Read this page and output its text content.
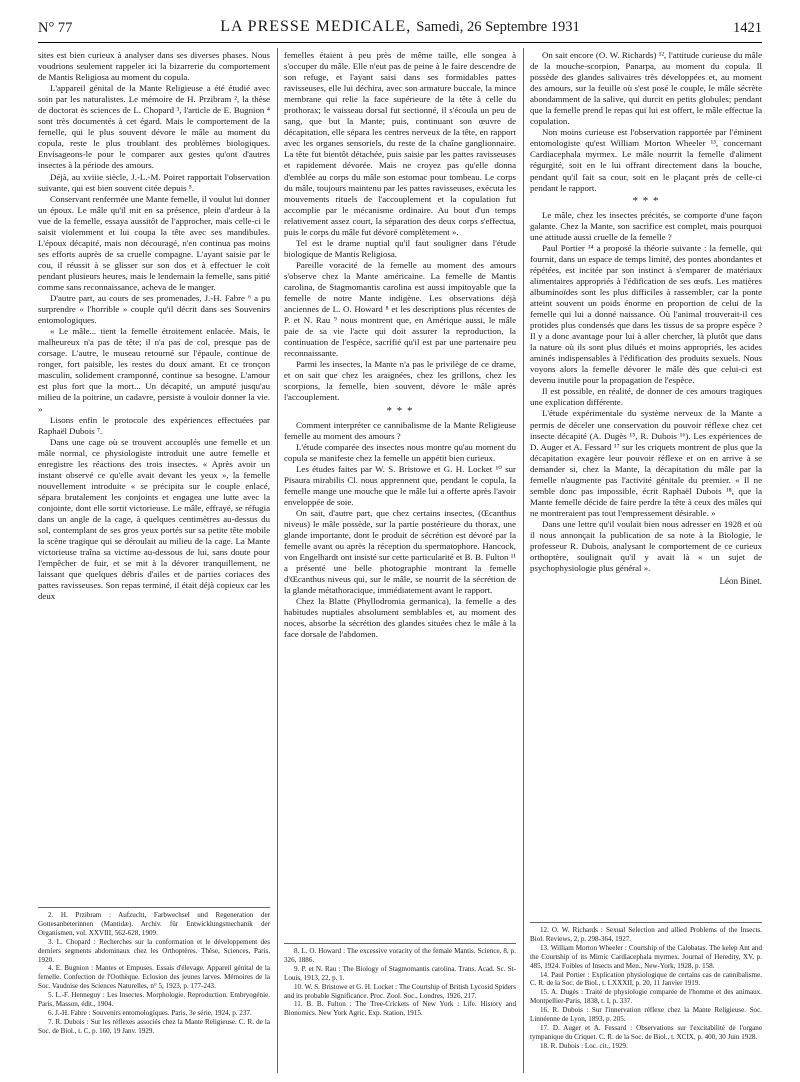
N° 77	LA PRESSE MEDICALE, Samedi, 26 Septembre 1931	1421

sites est bien curieux à analyser dans ses diverses phases. Nous voudrions seulement rappeler ici la bizarrerie du comportement de Mantis Religiosa au moment du copula.

L'appareil génital de la Mante Religieuse a été étudié avec soin par les naturalistes. Le mémoire de H. Przibram ², la thèse de doctorat ès sciences de L. Chopard ³, l'article de E. Bugnion ⁴ sont très documentés à cet égard. Mais le comportement de la femelle, qui le plus souvent dévore le mâle au moment du copula, reste le plus troublant des problèmes biologiques. Envisageons-le pour le comparer aux gestes qu'ont d'autres insectes à la période des amours.

Déjà, au xviiie siècle, J.-L.-M. Poiret rapportait l'observation suivante, qui est bien souvent citée depuis ⁵.

Conservant renfermée une Mante femelle, il voulut lui donner un époux. Le mâle qu'il mit en sa présence, plein d'ardeur à la vue de la femelle, essaya aussitôt de l'approcher, mais celle-ci le saisit violemment et lui coupa la tête avec ses mandibules. L'époux décapité, mais non découragé, n'en continua pas moins ses efforts auprès de sa cruelle compagne. L'ayant saisie par le cou, il réussit à se glisser sur son dos et à effectuer le coït pendant plusieurs heures, mais le lendemain la femelle, sans pitié comme sans reconnaissance, acheva de le manger.

D'autre part, au cours de ses promenades, J.-H. Fabre ⁶ a pu surprendre « l'horrible » couple qu'il décrit dans ses Souvenirs entomologiques.

« Le mâle... tient la femelle étroitement enlacée. Mais, le malheureux n'a pas de tête; il n'a pas de col, presque pas de corsage. L'autre, le museau retourné sur l'épaule, continue de ronger, fort paisible, les restes du doux amant. Et ce tronçon masculin, solidement cramponné, continue sa besogne. L'amour est plus fort que la mort... Un décapité, un amputé jusqu'au milieu de la poitrine, un cadavre, persiste à vouloir donner la vie. »

Lisons enfin le protocole des expériences effectuées par Raphaël Dubois ⁷.

Dans une cage où se trouvent accouplés une femelle et un mâle normal, ce physiologiste introduit une autre femelle et enregistre les réactions des trois insectes. « Après avoir un instant observé ce qu'elle avait devant les yeux », la femelle nouvellement introduite « se précipita sur le couple enlacé, sépara brutalement les conjoints et engagea une lutte avec la conjointe, dont elle sortit victorieuse. Le mâle, effrayé, se réfugia dans un angle de la cage, à quelques centimètres au-dessus du sol, contemplant de ses gros yeux portés sur sa petite tête mobile la scène tragique qui se déroulait au milieu de la cage. La Mante victorieuse traîna sa victime au-dessous de lui, sans doute pour l'empêcher de fuir, et se mit à la dévorer tranquillement, ne laissant que quelques débris d'ailes et de parties coriaces des pattes ravisseuses. Son repas terminé, il était déjà copieux car les deux

femelles étaient à peu près de même taille, elle songea à s'occuper du mâle. Elle n'eut pas de peine à le faire descendre de son refuge, et l'ayant saisi dans ses formidables pattes ravisseuses, elle lui déchira, avec son armature buccale, la mince membrane qui relie la face supérieure de la tête à celle du prothorax; le vaisseau dorsal fut sectionné, il s'écoula un peu de sang, que but la Mante; puis, continuant son œuvre de décapitation, elle sépara les centres nerveux de la tête, en rapport avec les organes sensoriels, du reste de la chaîne ganglionnaire. La tête fut bientôt détachée, puis saisie par les pattes ravisseuses et rapidement dévorée. Mais ne croyez pas qu'elle donna d'emblée au corps du mâle son estomac pour tombeau. Le corps du mâle, toujours maintenu par les pattes ravisseuses, exécuta les mouvements rituels de l'accouplement et la copulation fut accomplie par le mécanisme ordinaire. Au bout d'un temps relativement assez court, la séparation des deux corps s'effectua, puis le corps du mâle fut dévoré complètement ».

Tel est le drame nuptial qu'il faut souligner dans l'étude biologique de Mantis Religiosa.

Pareille voracité de la femelle au moment des amours s'observe chez la Mante américaine. La femelle de Mantis carolina, de Stagmomantis carolina est aussi impitoyable que la femelle de notre Mante indigène. Les observations déjà anciennes de L. O. Howard ⁸ et les descriptions plus récentes de P. et N. Rau ⁹ nous montrent que, en Amérique aussi, le mâle paie de sa vie l'acte qui doit assurer la reproduction, la continuation de l'espèce, sacrifié qu'il est par une partenaire peu reconnaissante.

Parmi les insectes, la Mante n'a pas le privilège de ce drame, et on sait que chez les araignées, chez les grillons, chez les scorpions, la femelle, bien souvent, dévore le mâle après l'accouplement.

* * *

Comment interpréter ce cannibalisme de la Mante Religieuse femelle au moment des amours ?

L'étude comparée des insectes nous montre qu'au moment du copula se manifeste chez la femelle un appétit bien curieux.

Les études faites par W. S. Bristowe et G. H. Locket ¹⁰ sur Pisaura mirabilis Cl. nous apprennent que, pendant le copula, la femelle mange une mouche que le mâle lui a offerte après l'avoir enveloppée de soie.

On sait, d'autre part, que chez certains insectes, (Œcanthus niveus) le mâle possède, sur la partie postérieure du thorax, une glande importante, dont le produit de sécrétion est dévoré par la femelle avant ou après la réception du spermatophore. Hancock, von Engelhardt ont insisté sur cette particularité et B. B. Fulton ¹¹ a présenté une belle photographie montrant la femelle d'Œcanthus niveus qui, sur le mâle, se nourrit de la sécrétion de la glande métathoracique, immédiatement avant le rapport.

Chez la Blatte (Phyllodromia germanica), la femelle a des habitudes nuptiales absolument semblables et, au moment des noces, absorbe la sécrétion des glandes situées chez le mâle à la face dorsale de l'abdomen.

On sait encore (O. W. Richards) ¹², l'attitude curieuse du mâle de la mouche-scorpion, Panarpa, au moment du copula. Il possède des glandes salivaires très développées et, au moment des amours, sur la feuille où s'est posé le couple, le mâle sécrète abondamment de la salive, qui durcit en petits globules; pendant que la femelle prend le repas qui lui est offert, le mâle effectue la copulation.

Non moins curieuse est l'observation rapportée par l'éminent entomologiste qu'est William Morton Wheeler ¹³, concernant Cardiacephala myrmex. Le mâle nourrit la femelle d'aliment régurgité, soit en le lui offrant directement dans la bouche, pendant qu'il fait sa cour, soit en le plaçant près de celle-ci pendant le rapport.

* * *

Le mâle, chez les insectes précités, se comporte d'une façon galante. Chez la Mante, son sacrifice est complet, mais pourquoi une attitude aussi cruelle de la femelle ?

Paul Portier ¹⁴ a proposé la théorie suivante : la femelle, qui fournit, dans un espace de temps limité, des pontes abondantes et répétées, est incitée par son instinct à s'emparer de matériaux alimentaires appropriés à l'édification de ses œufs. Les matières albuminoïdes sont les plus difficiles à rassembler, car la ponte atteint souvent un poids énorme en proportion de celui de la femelle qui lui a donné naissance. Où l'animal trouverait-il ces protides plus condensés que dans les tissus de sa propre espèce ? Il y a donc avantage pour lui à aller chercher, là plutôt que dans la nature où ils sont plus dilués et moins appropriés, les acides aminés indispensables à l'édification des produits sexuels. Nous voyons alors la femelle dévorer le mâle dès que celui-ci est devenu inutile pour la propagation de l'espèce.

Il est possible, en réalité, de donner de ces amours tragiques une explication différente.

L'étude expérimentale du système nerveux de la Mante a permis de déceler une conservation du pouvoir réflexe chez cet insecte décapité (A. Dugès ¹⁵, R. Dubois ¹⁶). Les expériences de D. Auger et A. Fessard ¹⁷ sur les criquets montrent de plus que la décapitation exagère leur pouvoir réflexe et on en arrive à se demander si, chez la Mante, la décapitation du mâle par la femelle n'augmente pas l'activité génitale du premier. « Il ne semble donc pas impossible, écrit Raphaël Dubois ¹⁸, que la Mante femelle décide de faire perdre la tête à ceux des mâles qui ne montreraient pas tout l'empressement désirable. »

Dans une lettre qu'il voulait bien nous adresser en 1928 et où il nous annonçait la publication de sa note à la Biologie, le professeur R. Dubois, analysant le comportement de ce curieux orthoptère, soulignait qu'il y avait là « un sujet de psychophysiologie plus général ».

Léon Binet.

2. H. Przibram : Aufzucht, Farbwechsel und Regeneration der Gottesanbeterinnen (Mantidæ). Archiv. für Entwicklungsmechanik der Organismen, vol. XXVIII, 562-628, 1909.

3. L. Chopard : Recherches sur la conformation et le développement des derniers segments abdominaux chez les Orthoptères. Thèse, Sciences, Paris, 1920.

4. E. Bugnion : Mantes et Empuses. Essais d'élevage. Appareil génital de la femelle. Confection de l'Oothèque. Eclosion des jeunes larves. Mémoires de la Soc. Vaudoise des Sciences Naturelles, n° 5, 1923, p. 177-243.

5. L.-F. Henneguy : Les Insectes. Morphologie. Reproduction. Embryogénie. Paris, Masson, édit., 1904.

6. J.-H. Fabre : Souvenirs entomologiques. Paris, 3e série, 1924, p. 237.

7. R. Dubois : Sur les réflexes associés chez la Mante Religieuse. C. R. de la Soc. de Biol., t. C, p. 160, 19 Janv. 1929.

8. L. O. Howard : The excessive voracity of the female Mantis. Science, 8, p. 326, 1886.

9. P. et N. Rau : The Biology of Stagmomantis carolina. Trans. Acad. Sc. St-Louis, 1913, 22, p. 1.

10. W. S. Bristowe et G. H. Locket : The Courtship of British Lycosid Spiders and its probable Significance. Proc. Zool. Soc., Londres, 1926, 217.

11. B. B. Fulton : The Tree-Crickets of New York : Life. History and Bionomics. New York Agric. Exp. Station, 1915.

12. O. W. Richards : Sexual Selection and allied Problems of the Insects. Biol. Reviews, 2, p. 298-364, 1927.

13. William Morton Wheeler : Courtship of the Calobatas. The kelep Ant and the Courtship of its Mimic Cardiacephala myrmex. Journal of Heredity, XV, p. 485, 1924. Foibles of Insects and Men., New-York, 1928, p. 158.

14. Paul Portier : Explication physiologique de certains cas de cannibalisme. C. R. de la Soc. de Biol., t. LXXXII, p. 20, 11 Janvier 1919.

15. A. Dugès : Traité de physiologie comparée de l'homme et des animaux. Montpellier-Paris, 1838, t. I, p. 337.

16. R. Dubois : Sur l'innervation réflexe chez la Mante Religieuse. Soc. Linnéenne de Lyon, 1893, p. 205.

17. D. Auger et A. Fessard : Observations sur l'excitabilité de l'organe tympanique du Criquet. C. R. de la Soc. de Biol., t. XCIX, p. 400, 30 Juin 1928.

18. R. Dubois : Loc. cit., 1929.
